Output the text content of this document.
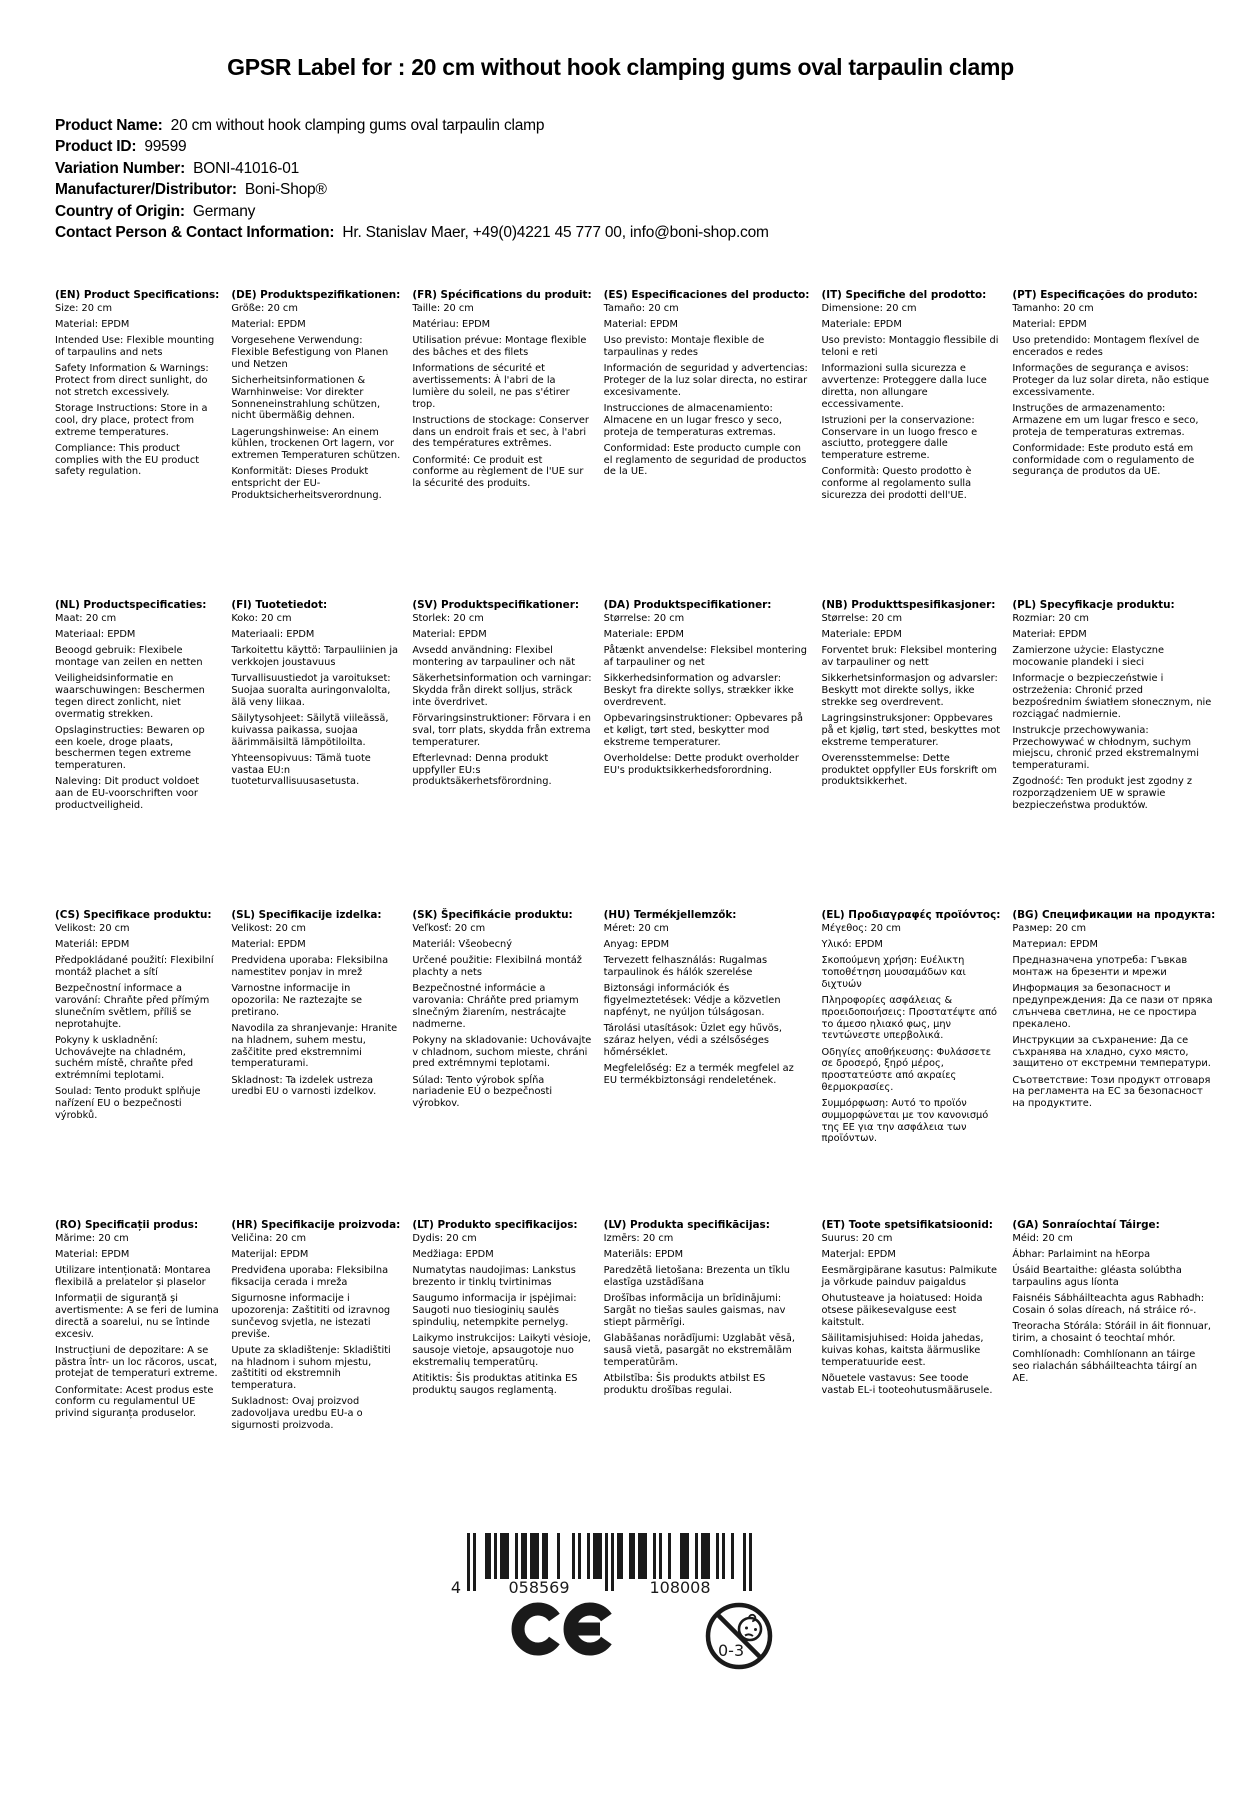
GPSR Label for : 20 cm without hook clamping gums oval tarpaulin clamp
Product Name: 20 cm without hook clamping gums oval tarpaulin clamp
Product ID: 99599
Variation Number: BONI-41016-01
Manufacturer/Distributor: Boni-Shop®
Country of Origin: Germany
Contact Person & Contact Information: Hr. Stanislav Maer, +49(0)4221 45 777 00, info@boni-shop.com
(EN) Product Specifications:

Size: 20 cm

Material: EPDM

Intended Use: Flexible mounting of tarpaulins and nets

Safety Information & Warnings: Protect from direct sunlight, do not stretch excessively.

Storage Instructions: Store in a cool, dry place, protect from extreme temperatures.

Compliance: This product complies with the EU product safety regulation.

(DE) Produktspezifikationen:

Größe: 20 cm

Material: EPDM

Vorgesehene Verwendung: Flexible Befestigung von Planen und Netzen

Sicherheitsinformationen & Warnhinweise: Vor direkter Sonneneinstrahlung schützen, nicht übermäßig dehnen.

Lagerungshinweise: An einem kühlen, trockenen Ort lagern, vor extremen Temperaturen schützen.

Konformität: Dieses Produkt entspricht der EU-Produktsicherheitsverordnung.

(FR) Spécifications du produit:

Taille: 20 cm

Matériau: EPDM

Utilisation prévue: Montage flexible des bâches et des filets

Informations de sécurité et avertissements: À l'abri de la lumière du soleil, ne pas s'étirer trop.

Instructions de stockage: Conserver dans un endroit frais et sec, à l'abri des températures extrêmes.

Conformité: Ce produit est conforme au règlement de l'UE sur la sécurité des produits.

(ES) Especificaciones del producto:

Tamaño: 20 cm

Material: EPDM

Uso previsto: Montaje flexible de tarpaulinas y redes

Información de seguridad y advertencias: Proteger de la luz solar directa, no estirar excesivamente.

Instrucciones de almacenamiento: Almacene en un lugar fresco y seco, proteja de temperaturas extremas.

Conformidad: Este producto cumple con el reglamento de seguridad de productos de la UE.

(IT) Specifiche del prodotto:

Dimensione: 20 cm

Materiale: EPDM

Uso previsto: Montaggio flessibile di teloni e reti

Informazioni sulla sicurezza e avvertenze: Proteggere dalla luce diretta, non allungare eccessivamente.

Istruzioni per la conservazione: Conservare in un luogo fresco e asciutto, proteggere dalle temperature estreme.

Conformità: Questo prodotto è conforme al regolamento sulla sicurezza dei prodotti dell'UE.

(PT) Especificações do produto:

Tamanho: 20 cm

Material: EPDM

Uso pretendido: Montagem flexível de encerados e redes

Informações de segurança e avisos: Proteger da luz solar direta, não estique excessivamente.

Instruções de armazenamento: Armazene em um lugar fresco e seco, proteja de temperaturas extremas.

Conformidade: Este produto está em conformidade com o regulamento de segurança de produtos da UE.

(NL) Productspecificaties:

Maat: 20 cm

Materiaal: EPDM

Beoogd gebruik: Flexibele montage van zeilen en netten

Veiligheidsinformatie en waarschuwingen: Beschermen tegen direct zonlicht, niet overmatig strekken.

Opslaginstructies: Bewaren op een koele, droge plaats, beschermen tegen extreme temperaturen.

Naleving: Dit product voldoet aan de EU-voorschriften voor productveiligheid.

(FI) Tuotetiedot:

Koko: 20 cm

Materiaali: EPDM

Tarkoitettu käyttö: Tarpauliinien ja verkkojen joustavuus

Turvallisuustiedot ja varoitukset: Suojaa suoralta auringonvalolta, älä veny liikaa.

Säilytysohjeet: Säilytä viileässä, kuivassa paikassa, suojaa äärimmäisiltä lämpötiloilta.

Yhteensopivuus: Tämä tuote vastaa EU:n tuoteturvallisuusasetusta.

(SV) Produktspecifikationer:

Storlek: 20 cm

Material: EPDM

Avsedd användning: Flexibel montering av tarpauliner och nät

Säkerhetsinformation och varningar: Skydda från direkt solljus, sträck inte överdrivet.

Förvaringsinstruktioner: Förvara i en sval, torr plats, skydda från extrema temperaturer.

Efterlevnad: Denna produkt uppfyller EU:s produktsäkerhetsförordning.

(DA) Produktspecifikationer:

Størrelse: 20 cm

Materiale: EPDM

Påtænkt anvendelse: Fleksibel montering af tarpauliner og net

Sikkerhedsinformation og advarsler: Beskyt fra direkte sollys, strækker ikke overdrevent.

Opbevaringsinstruktioner: Opbevares på et køligt, tørt sted, beskytter mod ekstreme temperaturer.

Overholdelse: Dette produkt overholder EU's produktsikkerhedsforordning.

(NB) Produkttspesifikasjoner:

Størrelse: 20 cm

Materiale: EPDM

Forventet bruk: Fleksibel montering av tarpauliner og nett

Sikkerhetsinformasjon og advarsler: Beskytt mot direkte sollys, ikke strekke seg overdrevent.

Lagringsinstruksjoner: Oppbevares på et kjølig, tørt sted, beskyttes mot ekstreme temperaturer.

Overensstemmelse: Dette produktet oppfyller EUs forskrift om produktsikkerhet.

(PL) Specyfikacje produktu:

Rozmiar: 20 cm

Materiał: EPDM

Zamierzone użycie: Elastyczne mocowanie plandeki i sieci

Informacje o bezpieczeństwie i ostrzeżenia: Chronić przed bezpośrednim światłem słonecznym, nie rozciągać nadmiernie.

Instrukcje przechowywania: Przechowywać w chłodnym, suchym miejscu, chronić przed ekstremalnymi temperaturami.

Zgodność: Ten produkt jest zgodny z rozporządzeniem UE w sprawie bezpieczeństwa produktów.

(CS) Specifikace produktu:

Velikost: 20 cm

Materiál: EPDM

Předpokládané použití: Flexibilní montáž plachet a sítí

Bezpečnostní informace a varování: Chraňte před přímým slunečním světlem, příliš se neprotahujte.

Pokyny k uskladnění: Uchovávejte na chladném, suchém místě, chraňte před extrémními teplotami.

Soulad: Tento produkt splňuje nařízení EU o bezpečnosti výrobků.

(SL) Specifikacije izdelka:

Velikost: 20 cm

Material: EPDM

Predvidena uporaba: Fleksibilna namestitev ponjav in mrež

Varnostne informacije in opozorila: Ne raztezajte se pretirano.

Navodila za shranjevanje: Hranite na hladnem, suhem mestu, zaščitite pred ekstremnimi temperaturami.

Skladnost: Ta izdelek ustreza uredbi EU o varnosti izdelkov.

(SK) Špecifikácie produktu:

Veľkosť: 20 cm

Materiál: Všeobecný

Určené použitie: Flexibilná montáž plachty a nets

Bezpečnostné informácie a varovania: Chráňte pred priamym slnečným žiarením, nestrácajte nadmerne.

Pokyny na skladovanie: Uchovávajte v chladnom, suchom mieste, chráni pred extrémnymi teplotami.

Súlad: Tento výrobok spĺňa nariadenie EÚ o bezpečnosti výrobkov.

(HU) Termékjellemzők:

Méret: 20 cm

Anyag: EPDM

Tervezett felhasználás: Rugalmas tarpaulinok és hálók szerelése

Biztonsági információk és figyelmeztetések: Védje a közvetlen napfényt, ne nyúljon túlságosan.

Tárolási utasítások: Üzlet egy hűvös, száraz helyen, védi a szélsőséges hőmérséklet.

Megfelelőség: Ez a termék megfelel az EU termékbiztonsági rendeletének.

(EL) Προδιαγραφές προϊόντος:

Μέγεθος: 20 cm

Υλικό: EPDM

Σκοπούμενη χρήση: Ευέλικτη τοποθέτηση μουσαμάδων και διχτυών

Πληροφορίες ασφάλειας & προειδοποιήσεις: Προστατέψτε από το άμεσο ηλιακό φως, μην τεντώνεστε υπερβολικά.

Οδηγίες αποθήκευσης: Φυλάσσετε σε δροσερό, ξηρό μέρος, προστατεύστε από ακραίες θερμοκρασίες.

Συμμόρφωση: Αυτό το προϊόν συμμορφώνεται με τον κανονισμό της ΕΕ για την ασφάλεια των προϊόντων.

(BG) Спецификации на продукта:

Размер: 20 cm

Материал: EPDM

Предназначена употреба: Гъвкав монтаж на брезенти и мрежи

Информация за безопасност и предупреждения: Да се пази от пряка слънчева светлина, не се простира прекалено.

Инструкции за съхранение: Да се съхранява на хладно, сухо място, защитено от екстремни температури.

Съответствие: Този продукт отговаря на регламента на ЕС за безопасност на продуктите.

(RO) Specificații produs:

Mărime: 20 cm

Material: EPDM

Utilizare intenționată: Montarea flexibilă a prelatelor și plaselor

Informații de siguranță și avertismente: A se feri de lumina directă a soarelui, nu se întinde excesiv.

Instrucțiuni de depozitare: A se păstra într- un loc răcoros, uscat, protejat de temperaturi extreme.

Conformitate: Acest produs este conform cu regulamentul UE privind siguranța produselor.

(HR) Specifikacije proizvoda:

Veličina: 20 cm

Materijal: EPDM

Predviđena uporaba: Fleksibilna fiksacija cerada i mreža

Sigurnosne informacije i upozorenja: Zaštititi od izravnog sunčevog svjetla, ne istezati previše.

Upute za skladištenje: Skladištiti na hladnom i suhom mjestu, zaštititi od ekstremnih temperatura.

Sukladnost: Ovaj proizvod zadovoljava uredbu EU-a o sigurnosti proizvoda.

(LT) Produkto specifikacijos:

Dydis: 20 cm

Medžiaga: EPDM

Numatytas naudojimas: Lankstus brezento ir tinklų tvirtinimas

Saugumo informacija ir įspėjimai: Saugoti nuo tiesioginių saulės spindulių, netempkite pernelyg.

Laikymo instrukcijos: Laikyti vėsioje, sausoje vietoje, apsaugotoje nuo ekstremalių temperatūrų.

Atitiktis: Šis produktas atitinka ES produktų saugos reglamentą.

(LV) Produkta specifikācijas:

Izmērs: 20 cm

Materiāls: EPDM

Paredzētā lietošana: Brezenta un tīklu elastīga uzstādīšana

Drošības informācija un brīdinājumi: Sargāt no tiešas saules gaismas, nav stiept pārmērīgi.

Glabāšanas norādījumi: Uzglabāt vēsā, sausā vietā, pasargāt no ekstremālām temperatūrām.

Atbilstība: Šis produkts atbilst ES produktu drošības regulai.

(ET) Toote spetsifikatsioonid:

Suurus: 20 cm

Materjal: EPDM

Eesmärgipärane kasutus: Palmikute ja võrkude painduv paigaldus

Ohutusteave ja hoiatused: Hoida otsese päikesevalguse eest kaitstult.

Säilitamisjuhised: Hoida jahedas, kuivas kohas, kaitsta äärmuslike temperatuuride eest.

Nõuetele vastavus: See toode vastab EL-i tooteohutusmäärusele.

(GA) Sonraíochtaí Táirge:

Méid: 20 cm

Ábhar: Parlaimint na hEorpa

Úsáid Beartaithe: gléasta solúbtha tarpaulins agus líonta

Faisnéis Sábháilteachta agus Rabhadh: Cosain ó solas díreach, ná stráice ró-.

Treoracha Stórála: Stóráil in áit fionnuar, tirim, a chosaint ó teochtaí mhór.

Comhlíonadh: Comhlíonann an táirge seo rialachán sábháilteachta táirgí an AE.

4	058569	108008
0-3
